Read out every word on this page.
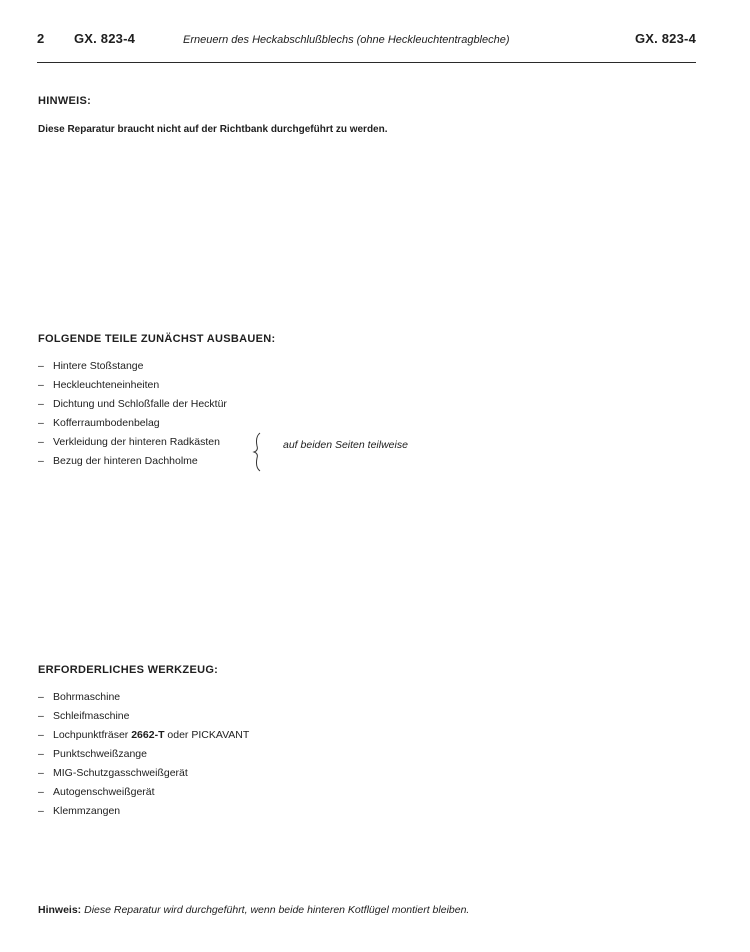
2 GX. 823-4	Erneuern des Heckabschlußblechs (ohne Heckleuchtentragbleche)	GX. 823-4
HINWEIS:
Diese Reparatur braucht nicht auf der Richtbank durchgeführt zu werden.
FOLGENDE TEILE ZUNÄCHST AUSBAUEN:
– Hintere Stoßstange
– Heckleuchteneinheiten
– Dichtung und Schloßfalle der Hecktür
– Kofferraumbodenbelag
– Verkleidung der hinteren Radkästen
– Bezug der hinteren Dachholme
auf beiden Seiten teilweise
ERFORDERLICHES WERKZEUG:
– Bohrmaschine
– Schleifmaschine
– Lochpunktfräser 2662-T oder PICKAVANT
– Punktschweißzange
– MIG-Schutzgasschweißgerät
– Autogenschweißgerät
– Klemmzangen
Hinweis: Diese Reparatur wird durchgeführt, wenn beide hinteren Kotflügel montiert bleiben.
